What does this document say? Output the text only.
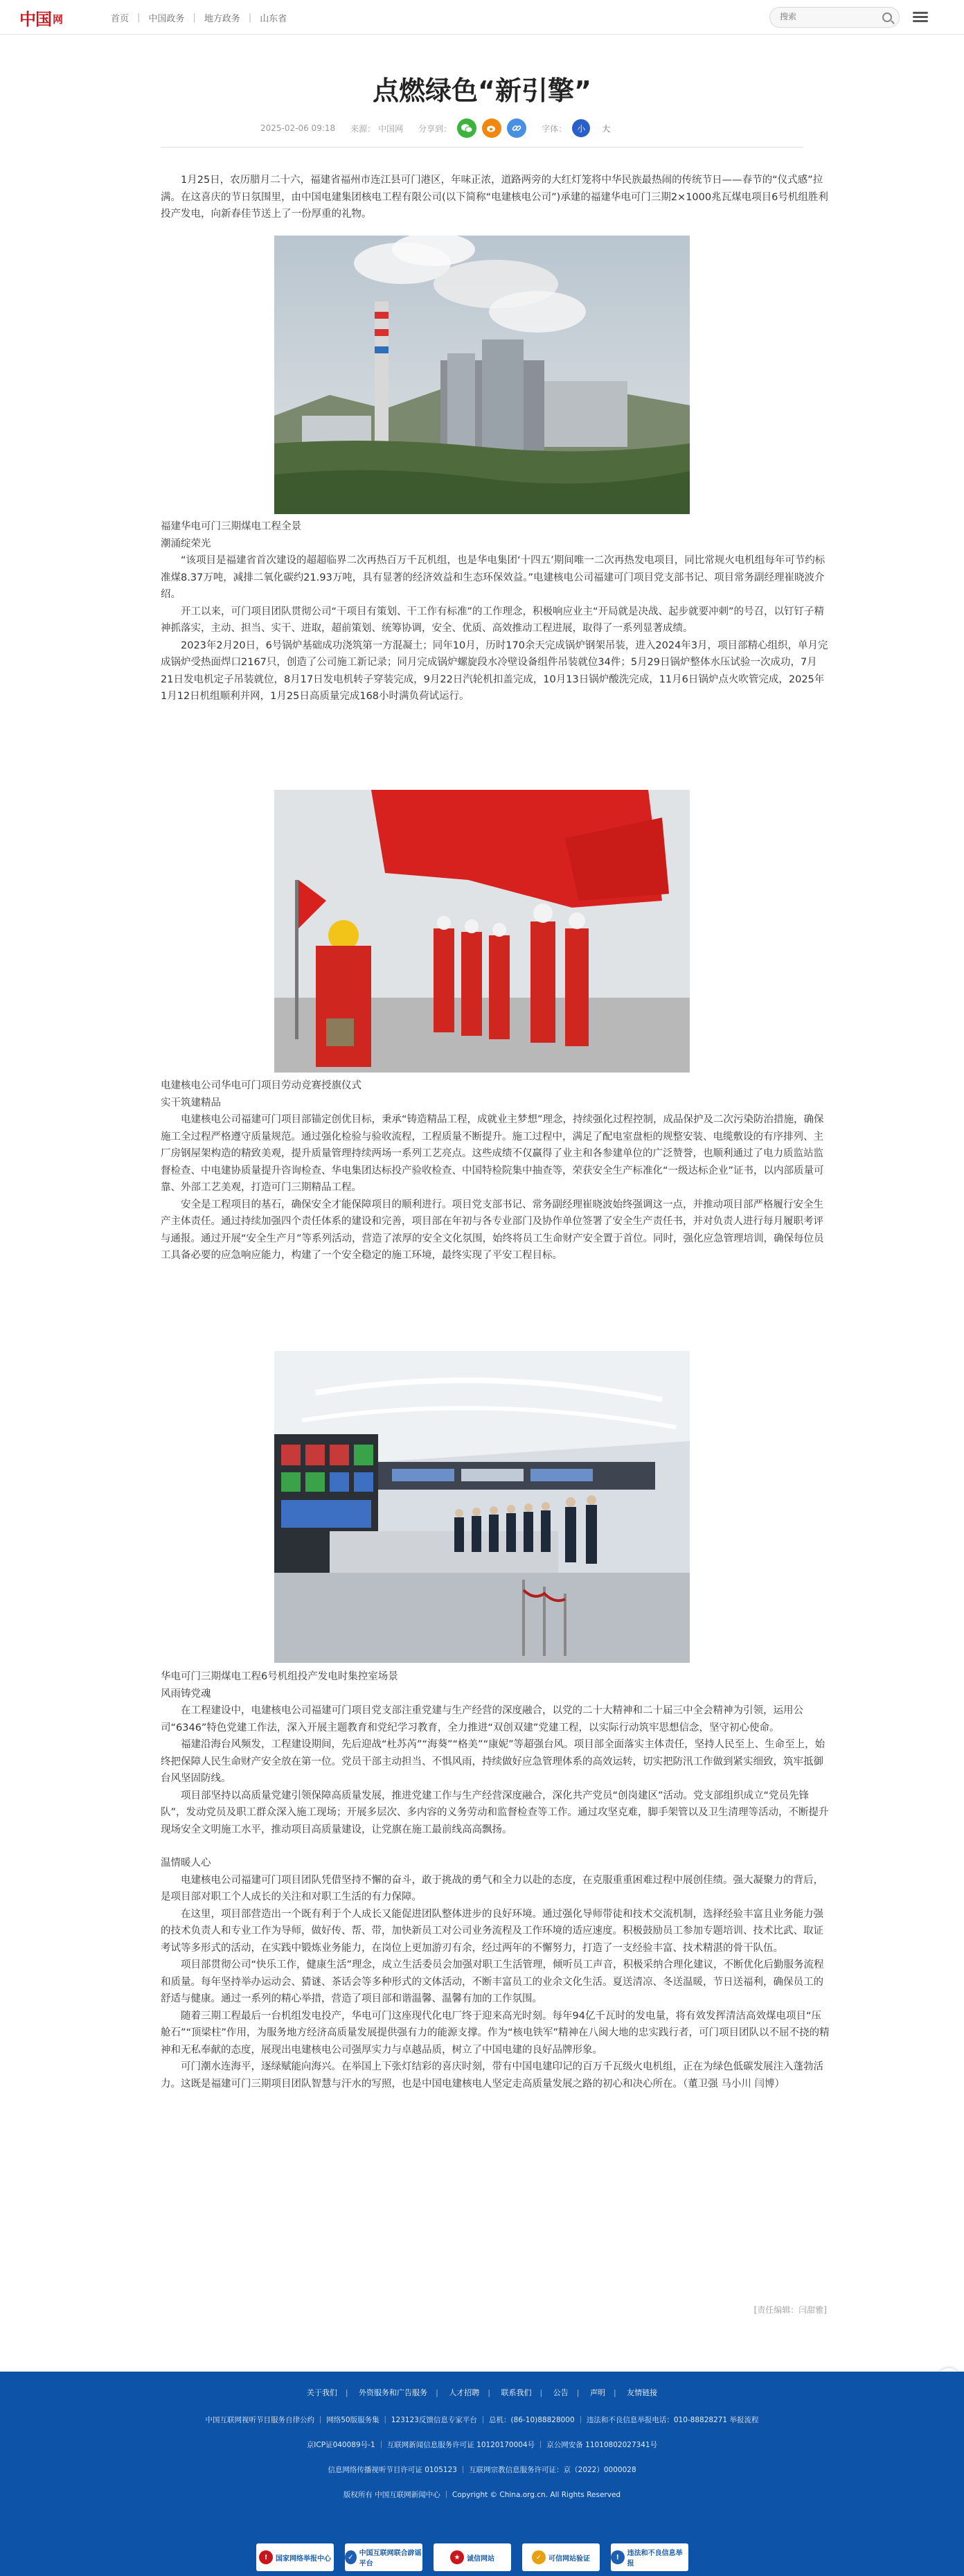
中国 网	首页 | 中国政务 | 地方政务 | 山东省
搜索
点燃绿色“新引擎”
2025-02-06 09:18 来源： 中国网 分享到：	字体：	小	大

1月25日，农历腊月二十六，福建省福州市连江县可门港区，年味正浓，道路两旁的大红灯笼将中华民族最热闹的传统节日——春节的“仪式感”拉满。在这喜庆的节日氛围里，由中国电建集团核电工程有限公司(以下简称“电建核电公司”)承建的福建华电可门三期2×1000兆瓦煤电项目6号机组胜利投产发电，向新春佳节送上了一份厚重的礼物。

福建华电可门三期煤电工程全景

潮涌绽荣光

“该项目是福建省首次建设的超超临界二次再热百万千瓦机组，也是华电集团‘十四五’期间唯一二次再热发电项目，同比常规火电机组每年可节约标准煤8.37万吨，减排二氧化碳约21.93万吨，具有显著的经济效益和生态环保效益。”电建核电公司福建可门项目党支部书记、项目常务副经理崔晓波介绍。

开工以来，可门项目团队贯彻公司“干项目有策划、干工作有标准”的工作理念，积极响应业主“开局就是决战、起步就要冲刺”的号召，以钉钉子精神抓落实，主动、担当、实干、进取，超前策划、统筹协调，安全、优质、高效推动工程进展，取得了一系列显著成绩。

2023年2月20日，6号锅炉基础成功浇筑第一方混凝土；同年10月，历时170余天完成锅炉钢架吊装，进入2024年3月，项目部精心组织，单月完成锅炉受热面焊口2167只，创造了公司施工新记录；同月完成锅炉螺旋段水冷壁设备组件吊装就位34件；5月29日锅炉整体水压试验一次成功，7月21日发电机定子吊装就位，8月17日发电机转子穿装完成，9月22日汽轮机扣盖完成，10月13日锅炉酸洗完成，11月6日锅炉点火吹管完成，2025年1月12日机组顺利并网，1月25日高质量完成168小时满负荷试运行。

电建核电公司华电可门项目劳动竞赛授旗仪式

实干筑建精品

电建核电公司福建可门项目部锚定创优目标，秉承“铸造精品工程，成就业主梦想”理念，持续强化过程控制，成品保护及二次污染防治措施，确保施工全过程严格遵守质量规范。通过强化检验与验收流程，工程质量不断提升。施工过程中，满足了配电室盘柜的规整安装、电缆敷设的有序排列、主厂房钢屋架构造的精致美观，提升质量管理持续两场一系列工艺亮点。这些成绩不仅赢得了业主和各参建单位的广泛赞誉，也顺利通过了电力质监站监督检查、中电建协质量提升咨询检查、华电集团达标投产验收检查、中国特检院集中抽查等，荣获安全生产标准化“一级达标企业”证书，以内部质量可靠、外部工艺美观，打造可门三期精品工程。

安全是工程项目的基石，确保安全才能保障项目的顺利进行。项目党支部书记、常务副经理崔晓波始终强调这一点，并推动项目部严格履行安全生产主体责任。通过持续加强四个责任体系的建设和完善，项目部在年初与各专业部门及协作单位签署了安全生产责任书，并对负责人进行每月履职考评与通报。通过开展“安全生产月”等系列活动，营造了浓厚的安全文化氛围，始终将员工生命财产安全置于首位。同时，强化应急管理培训，确保每位员工具备必要的应急响应能力，构建了一个安全稳定的施工环境，最终实现了平安工程目标。

华电可门三期煤电工程6号机组投产发电时集控室场景

风雨铸党魂

在工程建设中，电建核电公司福建可门项目党支部注重党建与生产经营的深度融合，以党的二十大精神和二十届三中全会精神为引领，运用公司“6346”特色党建工作法，深入开展主题教育和党纪学习教育，全力推进“双创双建”党建工程，以实际行动筑牢思想信念，坚守初心使命。

福建沿海台风频发，工程建设期间，先后迎战“杜苏芮”“海葵”“格美”“康妮”等超强台风。项目部全面落实主体责任，坚持人民至上、生命至上，始终把保障人民生命财产安全放在第一位。党员干部主动担当、不惧风雨，持续做好应急管理体系的高效运转，切实把防汛工作做到紧实细致，筑牢抵御台风坚固防线。

项目部坚持以高质量党建引领保障高质量发展，推进党建工作与生产经营深度融合，深化共产党员“创岗建区”活动。党支部组织成立“党员先锋队”，发动党员及职工群众深入施工现场；开展多层次、多内容的义务劳动和监督检查等工作。通过攻坚克难，脚手架管以及卫生清理等活动，不断提升现场安全文明施工水平，推动项目高质量建设，让党旗在施工最前线高高飘扬。

温情暖人心

电建核电公司福建可门项目团队凭借坚持不懈的奋斗，敢于挑战的勇气和全力以赴的态度，在克服重重困难过程中展创佳绩。强大凝聚力的背后，是项目部对职工个人成长的关注和对职工生活的有力保障。

在这里，项目部营造出一个既有利于个人成长又能促进团队整体进步的良好环境。通过强化导师带徒和技术交流机制，选择经验丰富且业务能力强的技术负责人和专业工作为导师，做好传、帮、带，加快新员工对公司业务流程及工作环境的适应速度。积极鼓励员工参加专题培训、技术比武、取证考试等多形式的活动，在实践中锻炼业务能力，在岗位上更加游刃有余，经过两年的不懈努力，打造了一支经验丰富、技术精湛的骨干队伍。

项目部贯彻公司“快乐工作，健康生活”理念，成立生活委员会加强对职工生活管理，倾听员工声音，积极采纳合理化建议，不断优化后勤服务流程和质量。每年坚持举办运动会、猜谜、茶话会等多种形式的文体活动，不断丰富员工的业余文化生活。夏送清凉、冬送温暖，节日送福利，确保员工的舒适与健康。通过一系列的精心举措，营造了项目部和谐温馨、温馨有加的工作氛围。

随着三期工程最后一台机组发电投产，华电可门这座现代化电厂终于迎来高光时刻。每年94亿千瓦时的发电量，将有效发挥清洁高效煤电项目“压舱石”“顶梁柱”作用，为服务地方经济高质量发展提供强有力的能源支撑。作为“核电铁军”精神在八闽大地的忠实践行者，可门项目团队以不屈不挠的精神和无私奉献的态度，展现出电建核电公司强厚实力与卓越品质，树立了中国电建的良好品牌形象。

可门潮水连海平，逐绿赋能向海兴。在举国上下张灯结彩的喜庆时刻，带有中国电建印记的百万千瓦级火电机组，正在为绿色低碳发展注入蓬勃活力。这既是福建可门三期项目团队智慧与汗水的写照，也是中国电建核电人坚定走高质量发展之路的初心和决心所在。（董卫强 马小川 闫博）

[责任编辑：闫甜雅]
关于我们 | 外资服务和广告服务 | 人才招聘 | 联系我们 | 公告 | 声明 | 友情链接
中国互联网视听节目服务自律公约 ｜ 网络50版服务集 ｜ 123123反馈信息专家平台 ｜ 总机：(86-10)88828000 ｜ 违法和不良信息举报电话：010-88828271 举报流程
京ICP证040089号-1 ｜ 互联网新闻信息服务许可证 10120170004号 ｜ 京公网安备 11010802027341号
信息网络传播视听节目许可证 0105123 ｜ 互联网宗教信息服务许可证：京（2022）0000028
版权所有 中国互联网新闻中心 ｜ Copyright © China.org.cn. All Rights Reserved
!	国家网络举报中心	✓ 中国互联网联合辟谣平台
★ 诚信网站	✓ 可信网站验证	!	违法和不良信息举报
